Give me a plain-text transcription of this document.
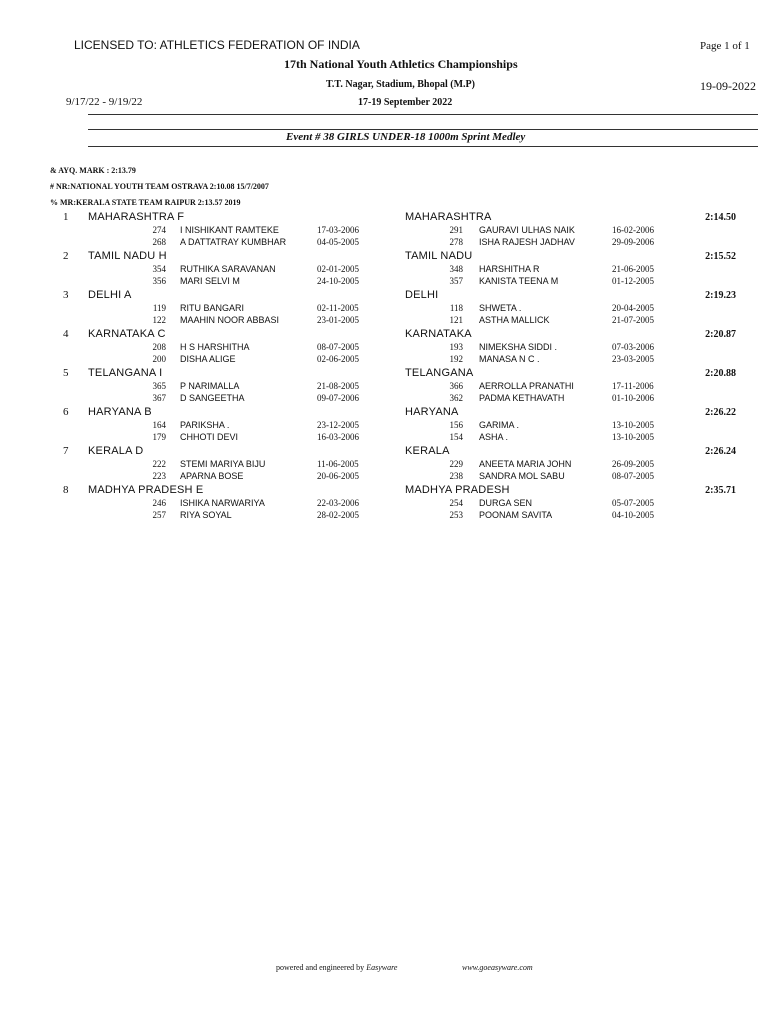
LICENSED TO: ATHLETICS FEDERATION OF INDIA	Page 1 of 1
17th National Youth Athletics Championships
T.T. Nagar, Stadium, Bhopal (M.P)	19-09-2022
9/17/22 - 9/19/22	17-19 September 2022
Event # 38 GIRLS UNDER-18 1000m Sprint Medley
& AYQ. MARK : 2:13.79
# NR:NATIONAL YOUTH TEAM OSTRAVA 2:10.08 15/7/2007
% MR:KERALA STATE TEAM RAIPUR 2:13.57 2019
1 MAHARASHTRA F	MAHARASHTRA	2:14.50
274 I NISHIKANT RAMTEKE	17-03-2006	291 GAURAVI ULHAS NAIK	16-02-2006
268 A DATTATRAY KUMBHAR	04-05-2005	278 ISHA RAJESH JADHAV	29-09-2006
2 TAMIL NADU H	TAMIL NADU	2:15.52
354 RUTHIKA SARAVANAN	02-01-2005	348 HARSHITHA R	21-06-2005
356 MARI SELVI M	24-10-2005	357 KANISTA TEENA M	01-12-2005
3 DELHI A	DELHI	2:19.23
119 RITU BANGARI	02-11-2005	118 SHWETA .	20-04-2005
122 MAAHIN NOOR ABBASI	23-01-2005	121 ASTHA MALLICK	21-07-2005
4 KARNATAKA C	KARNATAKA	2:20.87
208 H S HARSHITHA	08-07-2005	193 NIMEKSHA SIDDI .	07-03-2006
200 DISHA ALIGE	02-06-2005	192 MANASA N C .	23-03-2005
5 TELANGANA I	TELANGANA	2:20.88
365 P NARIMALLA	21-08-2005	366 AERROLLA PRANATHI	17-11-2006
367 D SANGEETHA	09-07-2006	362 PADMA KETHAVATH	01-10-2006
6 HARYANA B	HARYANA	2:26.22
164 PARIKSHA .	23-12-2005	156 GARIMA .	13-10-2005
179 CHHOTI DEVI	16-03-2006	154 ASHA .	13-10-2005
7 KERALA D	KERALA	2:26.24
222 STEMI MARIYA BIJU	11-06-2005	229 ANEETA MARIA JOHN	26-09-2005
223 APARNA BOSE	20-06-2005	238 SANDRA MOL SABU	08-07-2005
8 MADHYA PRADESH E	MADHYA PRADESH	2:35.71
246 ISHIKA NARWARIYA	22-03-2006	254 DURGA SEN	05-07-2005
257 RIYA SOYAL	28-02-2005	253 POONAM SAVITA	04-10-2005
powered and engineered by Easyware	www.goeasyware.com
